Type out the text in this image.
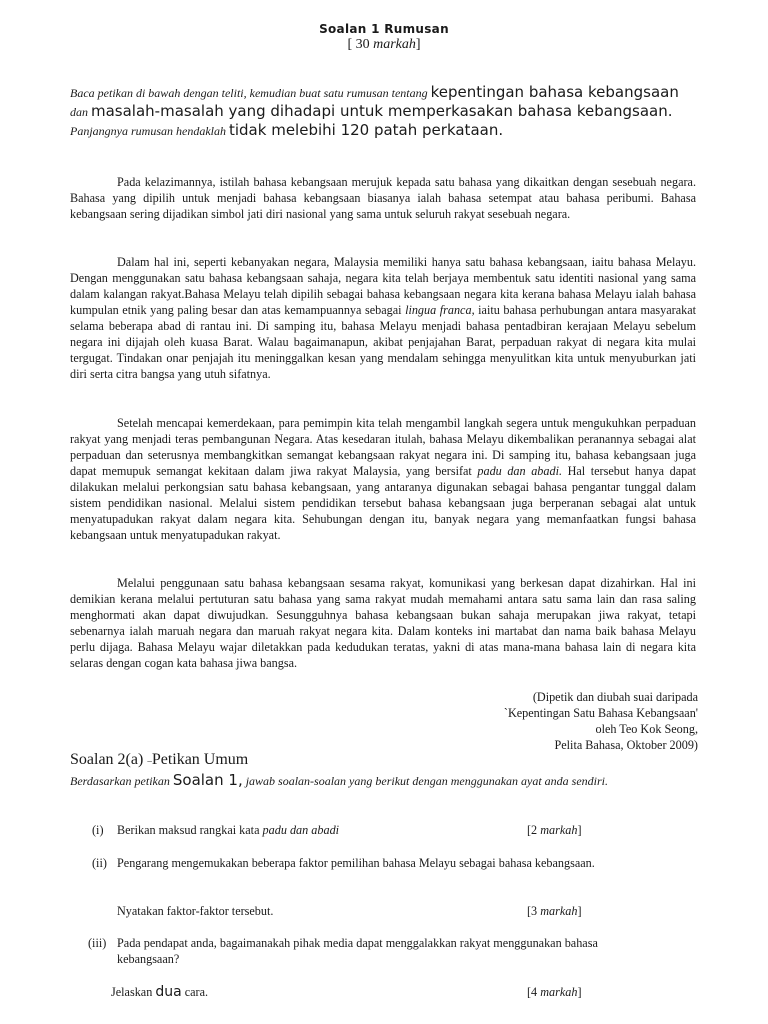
Soalan 1 Rumusan
[ 30 markah]
Baca petikan di bawah dengan teliti, kemudian buat satu rumusan tentang kepentingan bahasa kebangsaan dan masalah-masalah yang dihadapi untuk memperkasakan bahasa kebangsaan. Panjangnya rumusan hendaklah tidak melebihi 120 patah perkataan.

Pada kelazimannya, istilah bahasa kebangsaan merujuk kepada satu bahasa yang dikaitkan dengan sesebuah negara. Bahasa yang dipilih untuk menjadi bahasa kebangsaan biasanya ialah bahasa setempat atau bahasa peribumi. Bahasa kebangsaan sering dijadikan simbol jati diri nasional yang sama untuk seluruh rakyat sesebuah negara.

Dalam hal ini, seperti kebanyakan negara, Malaysia memiliki hanya satu bahasa kebangsaan, iaitu bahasa Melayu. Dengan menggunakan satu bahasa kebangsaan sahaja, negara kita telah berjaya membentuk satu identiti nasional yang sama dalam kalangan rakyat.Bahasa Melayu telah dipilih sebagai bahasa kebangsaan negara kita kerana bahasa Melayu ialah bahasa kumpulan etnik yang paling besar dan atas kemampuannya sebagai lingua franca, iaitu bahasa perhubungan antara masyarakat selama beberapa abad di rantau ini. Di samping itu, bahasa Melayu menjadi bahasa pentadbiran kerajaan Melayu sebelum negara ini dijajah oleh kuasa Barat. Walau bagaimanapun, akibat penjajahan Barat, perpaduan rakyat di negara kita mulai tergugat. Tindakan onar penjajah itu meninggalkan kesan yang mendalam sehingga menyulitkan kita untuk menyuburkan jati diri serta citra bangsa yang utuh sifatnya.

Setelah mencapai kemerdekaan, para pemimpin kita telah mengambil langkah segera untuk mengukuhkan perpaduan rakyat yang menjadi teras pembangunan Negara. Atas kesedaran itulah, bahasa Melayu dikembalikan peranannya sebagai alat perpaduan dan seterusnya membangkitkan semangat kebangsaan rakyat negara ini. Di samping itu, bahasa kebangsaan juga dapat memupuk semangat kekitaan dalam jiwa rakyat Malaysia, yang bersifat padu dan abadi. Hal tersebut hanya dapat dilakukan melalui perkongsian satu bahasa kebangsaan, yang antaranya digunakan sebagai bahasa pengantar tunggal dalam sistem pendidikan nasional. Melalui sistem pendidikan tersebut bahasa kebangsaan juga berperanan sebagai alat untuk menyatupadukan rakyat dalam negara kita. Sehubungan dengan itu, banyak negara yang memanfaatkan fungsi bahasa kebangsaan untuk menyatupadukan rakyat.

Melalui penggunaan satu bahasa kebangsaan sesama rakyat, komunikasi yang berkesan dapat dizahirkan. Hal ini demikian kerana melalui pertuturan satu bahasa yang sama rakyat mudah memahami antara satu sama lain dan rasa saling menghormati akan dapat diwujudkan. Sesungguhnya bahasa kebangsaan bukan sahaja merupakan jiwa rakyat, tetapi sebenarnya ialah maruah negara dan maruah rakyat negara kita. Dalam konteks ini martabat dan nama baik bahasa Melayu perlu dijaga. Bahasa Melayu wajar diletakkan pada kedudukan teratas, yakni di atas mana-mana bahasa lain di negara kita selaras dengan cogan kata bahasa jiwa bangsa.

(Dipetik dan diubah suai daripada
`Kepentingan Satu Bahasa Kebangsaan'
oleh Teo Kok Seong,
Pelita Bahasa, Oktober 2009)
Soalan 2(a) –Petikan Umum
Berdasarkan petikan Soalan 1, jawab soalan-soalan yang berikut dengan menggunakan ayat anda sendiri.
(i) Berikan maksud rangkai kata padu dan abadi	[2 markah]
(ii) Pengarang mengemukakan beberapa faktor pemilihan bahasa Melayu sebagai bahasa kebangsaan.
Nyatakan faktor-faktor tersebut.	[3 markah]
(iii) Pada pendapat anda, bagaimanakah pihak media dapat menggalakkan rakyat menggunakan bahasa kebangsaan?
Jelaskan dua cara.	[4 markah]
